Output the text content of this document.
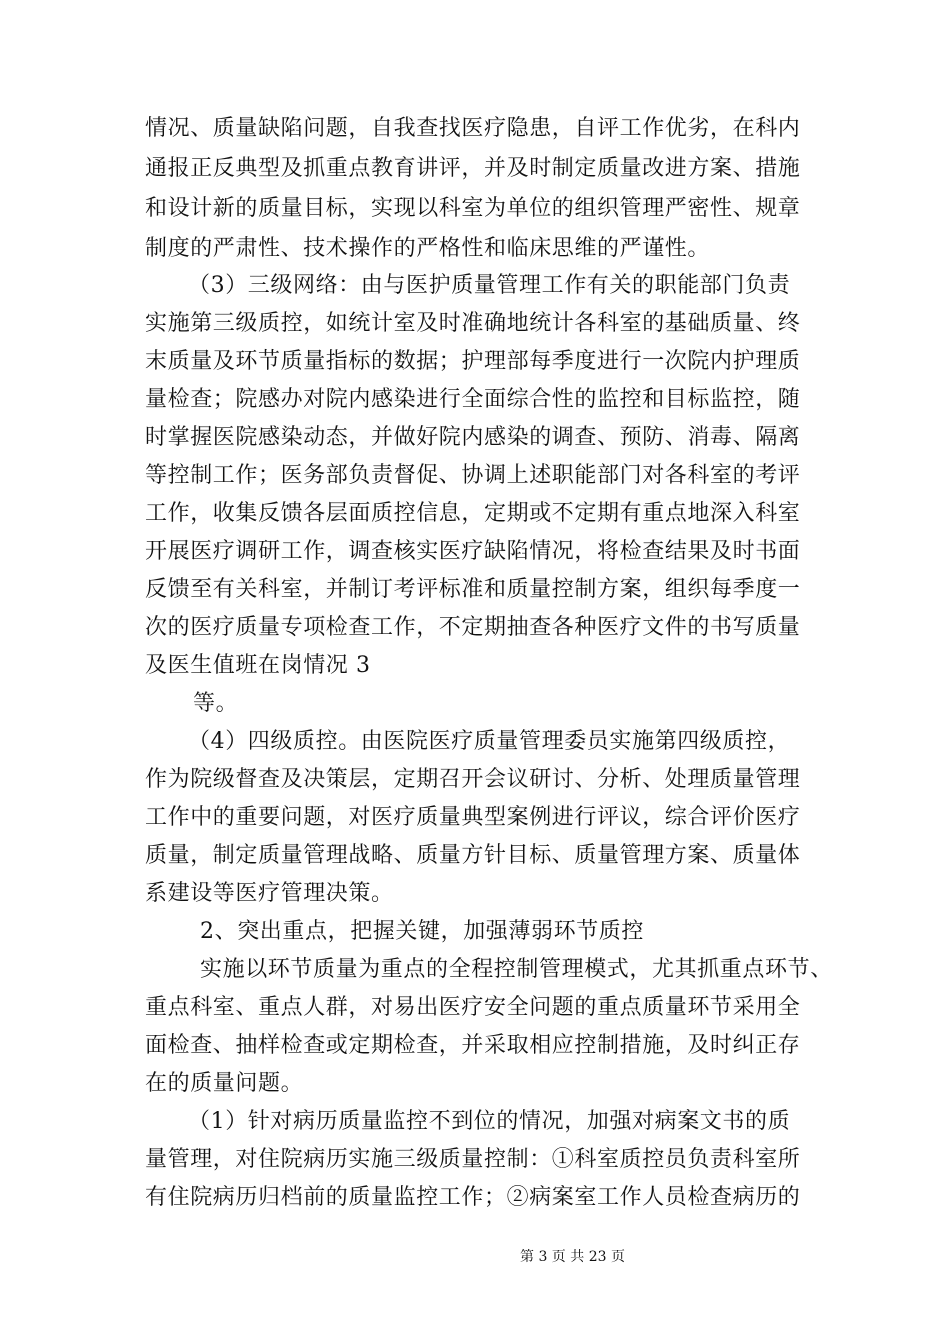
情况、质量缺陷问题，自我查找医疗隐患，自评工作优劣，在科内
通报正反典型及抓重点教育讲评，并及时制定质量改进方案、措施
和设计新的质量目标，实现以科室为单位的组织管理严密性、规章
制度的严肃性、技术操作的严格性和临床思维的严谨性。
（3）三级网络：由与医护质量管理工作有关的职能部门负责
实施第三级质控，如统计室及时准确地统计各科室的基础质量、终
末质量及环节质量指标的数据；护理部每季度进行一次院内护理质
量检查；院感办对院内感染进行全面综合性的监控和目标监控，随
时掌握医院感染动态，并做好院内感染的调查、预防、消毒、隔离
等控制工作；医务部负责督促、协调上述职能部门对各科室的考评
工作，收集反馈各层面质控信息，定期或不定期有重点地深入科室
开展医疗调研工作，调查核实医疗缺陷情况，将检查结果及时书面
反馈至有关科室，并制订考评标准和质量控制方案，组织每季度一
次的医疗质量专项检查工作，不定期抽查各种医疗文件的书写质量
及医生值班在岗情况 3
等。
（4）四级质控。由医院医疗质量管理委员实施第四级质控，
作为院级督查及决策层，定期召开会议研讨、分析、处理质量管理
工作中的重要问题，对医疗质量典型案例进行评议，综合评价医疗
质量，制定质量管理战略、质量方针目标、质量管理方案、质量体
系建设等医疗管理决策。
2、突出重点，把握关键，加强薄弱环节质控
实施以环节质量为重点的全程控制管理模式，尤其抓重点环节、
重点科室、重点人群，对易出医疗安全问题的重点质量环节采用全
面检查、抽样检查或定期检查，并采取相应控制措施，及时纠正存
在的质量问题。
（1）针对病历质量监控不到位的情况，加强对病案文书的质
量管理，对住院病历实施三级质量控制：①科室质控员负责科室所
有住院病历归档前的质量监控工作；②病案室工作人员检查病历的
第 3 页 共 23 页
